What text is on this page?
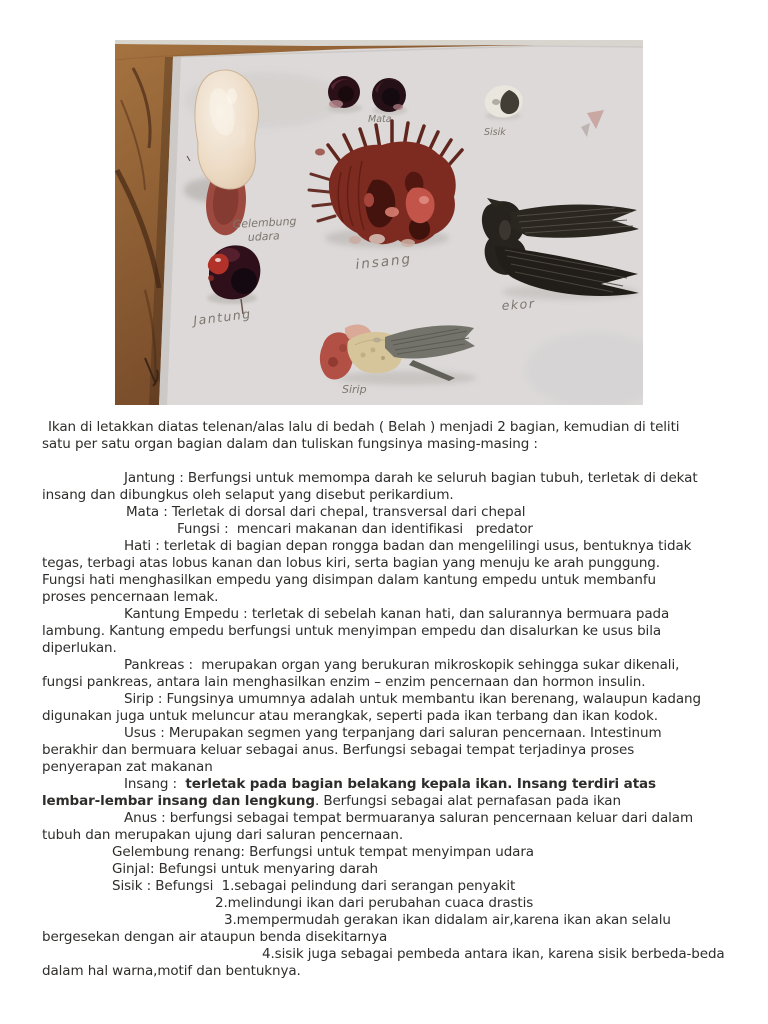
Gelembung
udara
Mata
Sisik
insang
Jantung
ekor
Sirip
Ikan di letakkan diatas telenan/alas lalu di bedah ( Belah ) menjadi 2 bagian, kemudian di teliti
satu per satu organ bagian dalam dan tuliskan fungsinya masing-masing :
Jantung : Berfungsi untuk memompa darah ke seluruh bagian tubuh, terletak di dekat
insang dan dibungkus oleh selaput yang disebut perikardium.
Mata : Terletak di dorsal dari chepal, transversal dari chepal
Fungsi :  mencari makanan dan identifikasi   predator
Hati : terletak di bagian depan rongga badan dan mengelilingi usus, bentuknya tidak
tegas, terbagi atas lobus kanan dan lobus kiri, serta bagian yang menuju ke arah punggung.
Fungsi hati menghasilkan empedu yang disimpan dalam kantung empedu untuk membanfu
proses pencernaan lemak.
Kantung Empedu : terletak di sebelah kanan hati, dan salurannya bermuara pada
lambung. Kantung empedu berfungsi untuk menyimpan empedu dan disalurkan ke usus bila
diperlukan.
Pankreas :  merupakan organ yang berukuran mikroskopik sehingga sukar dikenali,
fungsi pankreas, antara lain menghasilkan enzim – enzim pencernaan dan hormon insulin.
Sirip : Fungsinya umumnya adalah untuk membantu ikan berenang, walaupun kadang
digunakan juga untuk meluncur atau merangkak, seperti pada ikan terbang dan ikan kodok.
Usus : Merupakan segmen yang terpanjang dari saluran pencernaan. Intestinum
berakhir dan bermuara keluar sebagai anus. Berfungsi sebagai tempat terjadinya proses
penyerapan zat makanan
Insang :  terletak pada bagian belakang kepala ikan. Insang terdiri atas
lembar-lembar insang dan lengkung. Berfungsi sebagai alat pernafasan pada ikan
Anus : berfungsi sebagai tempat bermuaranya saluran pencernaan keluar dari dalam
tubuh dan merupakan ujung dari saluran pencernaan.
Gelembung renang: Berfungsi untuk tempat menyimpan udara
Ginjal: Befungsi untuk menyaring darah
Sisik : Befungsi  1.sebagai pelindung dari serangan penyakit
2.melindungi ikan dari perubahan cuaca drastis
3.mempermudah gerakan ikan didalam air,karena ikan akan selalu
bergesekan dengan air ataupun benda disekitarnya
4.sisik juga sebagai pembeda antara ikan, karena sisik berbeda-beda
dalam hal warna,motif dan bentuknya.
